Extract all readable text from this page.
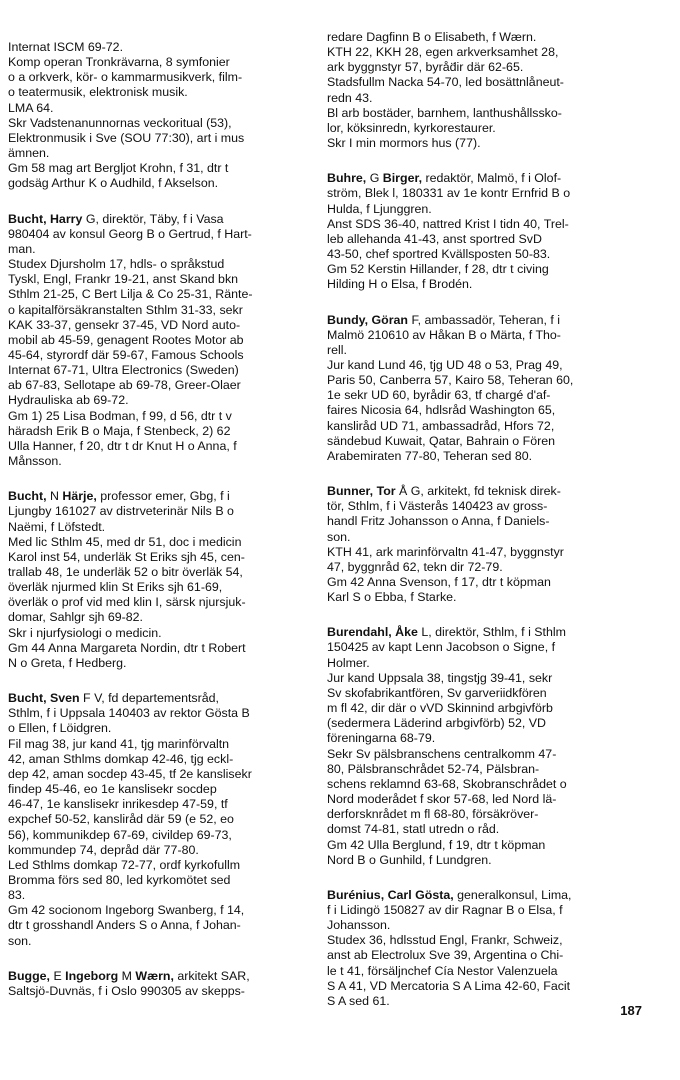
Internat ISCM 69-72.
Komp operan Tronkrävarna, 8 symfonier
o a orkverk, kör- o kammarmusikverk, film-
o teatermusik, elektronisk musik.
LMA 64.
Skr Vadstenanunnornas veckoritual (53),
Elektronmusik i Sve (SOU 77:30), art i mus
ämnen.
Gm 58 mag art Bergljot Krohn, f 31, dtr t
godsäg Arthur K o Audhild, f Akselson.
Bucht, Harry G, direktör, Täby, f i Vasa
980404 av konsul Georg B o Gertrud, f Hart-
man.
Studex Djursholm 17, hdls- o språkstud
Tyskl, Engl, Frankr 19-21, anst Skand bkn
Sthlm 21-25, C Bert Lilja & Co 25-31, Ränte-
o kapitalförsäkranstalten Sthlm 31-33, sekr
KAK 33-37, gensekr 37-45, VD Nord auto-
mobil ab 45-59, genagent Rootes Motor ab
45-64, styrordf där 59-67, Famous Schools
Internat 67-71, Ultra Electronics (Sweden)
ab 67-83, Sellotape ab 69-78, Greer-Olaer
Hydrauliska ab 69-72.
Gm 1) 25 Lisa Bodman, f 99, d 56, dtr t v
häradsh Erik B o Maja, f Stenbeck, 2) 62
Ulla Hanner, f 20, dtr t dr Knut H o Anna, f
Månsson.
Bucht, N Härje, professor emer, Gbg, f i
Ljungby 161027 av distrveterinär Nils B o
Naëmi, f Löfstedt.
Med lic Sthlm 45, med dr 51, doc i medicin
Karol inst 54, underläk St Eriks sjh 45, cen-
trallab 48, 1e underläk 52 o bitr överläk 54,
överläk njurmed klin St Eriks sjh 61-69,
överläk o prof vid med klin I, särsk njursjuk-
domar, Sahlgr sjh 69-82.
Skr i njurfysiologi o medicin.
Gm 44 Anna Margareta Nordin, dtr t Robert
N o Greta, f Hedberg.
Bucht, Sven F V, fd departementsråd,
Sthlm, f i Uppsala 140403 av rektor Gösta B
o Ellen, f Löidgren.
Fil mag 38, jur kand 41, tjg marinförvaltn
42, aman Sthlms domkap 42-46, tjg eckl-
dep 42, aman socdep 43-45, tf 2e kanslisekr
findep 45-46, eo 1e kanslisekr socdep
46-47, 1e kanslisekr inrikesdep 47-59, tf
expchef 50-52, kansliråd där 59 (e 52, eo
56), kommunikdep 67-69, civildep 69-73,
kommundep 74, depråd där 77-80.
Led Sthlms domkap 72-77, ordf kyrkofullm
Bromma förs sed 80, led kyrkomötet sed
83.
Gm 42 socionom Ingeborg Swanberg, f 14,
dtr t grosshandl Anders S o Anna, f Johan-
son.
Bugge, E Ingeborg M Wærn, arkitekt SAR,
Saltsjö-Duvnäs, f i Oslo 990305 av skepps-
redare Dagfinn B o Elisabeth, f Wærn.
KTH 22, KKH 28, egen arkverksamhet 28,
ark byggnstyr 57, byråd̈ir där 62-65.
Stadsfullm Nacka 54-70, led bosättnlåneut-
redn 43.
Bl arb bostäder, barnhem, lanthushållssko-
lor, köksinredn, kyrkorestaurer.
Skr I min mormors hus (77).
Buhre, G Birger, redaktör, Malmö, f i Olof-
ström, Blek l, 180331 av 1e kontr Ernfrid B o
Hulda, f Ljunggren.
Anst SDS 36-40, nattred Krist I tidn 40, Trel-
leb allehanda 41-43, anst sportred SvD
43-50, chef sportred Kvällsposten 50-83.
Gm 52 Kerstin Hillander, f 28, dtr t civing
Hilding H o Elsa, f Brodén.
Bundy, Göran F, ambassadör, Teheran, f i
Malmö 210610 av Håkan B o Märta, f Tho-
rell.
Jur kand Lund 46, tjg UD 48 o 53, Prag 49,
Paris 50, Canberra 57, Kairo 58, Teheran 60,
1e sekr UD 60, byrådir 63, tf chargé d'af-
faires Nicosia 64, hdlsråd Washington 65,
kansliråd UD 71, ambassadråd, Hfors 72,
sändebud Kuwait, Qatar, Bahrain o Fören
Arabemiraten 77-80, Teheran sed 80.
Bunner, Tor Å G, arkitekt, fd teknisk direk-
tör, Sthlm, f i Västerås 140423 av gross-
handl Fritz Johansson o Anna, f Daniels-
son.
KTH 41, ark marinförvaltn 41-47, byggnstyr
47, byggnråd 62, tekn dir 72-79.
Gm 42 Anna Svenson, f 17, dtr t köpman
Karl S o Ebba, f Starke.
Burendahl, Åke L, direktör, Sthlm, f i Sthlm
150425 av kapt Lenn Jacobson o Signe, f
Holmer.
Jur kand Uppsala 38, tingstjg 39-41, sekr
Sv skofabrikantfören, Sv garveriidkfören
m fl 42, dir där o vVD Skinnind arbgivförb
(sedermera Läderind arbgivförb) 52, VD
föreningarna 68-79.
Sekr Sv pälsbranschens centralkomm 47-
80, Pälsbranschrådet 52-74, Pälsbran-
schens reklamnd 63-68, Skobranschrådet o
Nord moderådet f skor 57-68, led Nord lä-
derforsknrådet m fl 68-80, försäkröver-
domst 74-81, statl utredn o råd.
Gm 42 Ulla Berglund, f 19, dtr t köpman
Nord B o Gunhild, f Lundgren.
Burénius, Carl Gösta, generalkonsul, Lima,
f i Lidingö 150827 av dir Ragnar B o Elsa, f
Johansson.
Studex 36, hdlsstud Engl, Frankr, Schweiz,
anst ab Electrolux Sve 39, Argentina o Chi-
le t 41, försäljnchef Cía Nestor Valenzuela
S A 41, VD Mercatoria S A Lima 42-60, Facit
S A sed 61.
187
